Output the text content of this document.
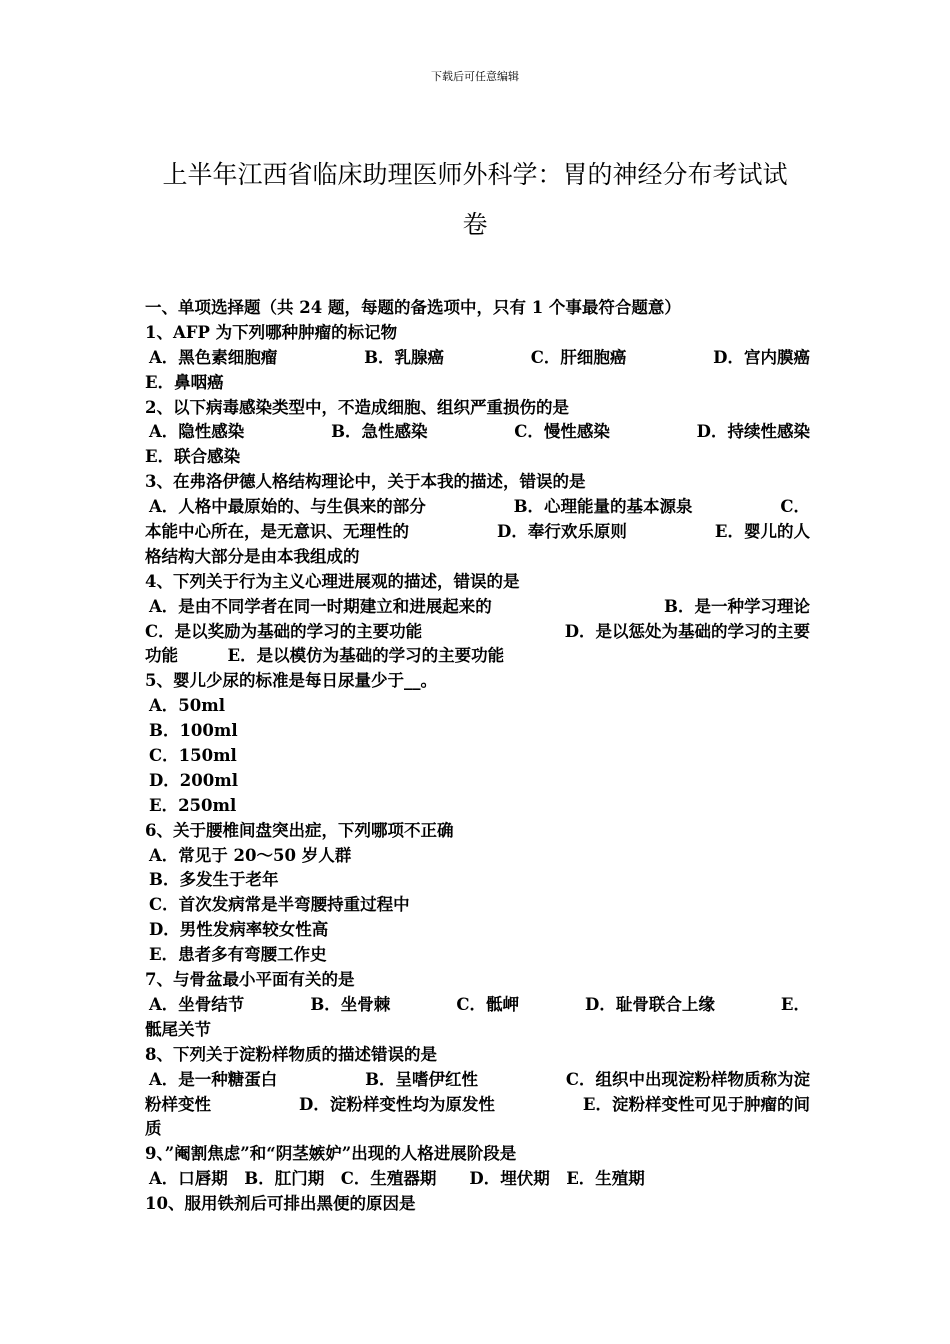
下载后可任意编辑
上半年江西省临床助理医师外科学：胃的神经分布考试试
卷
一、单项选择题（共 24 题，每题的备选项中，只有 1 个事最符合题意）
1、AFP 为下列哪种肿瘤的标记物
A．黑色素细胞瘤	B．乳腺癌	C．肝细胞癌	D．宫内膜癌
E．鼻咽癌
2、以下病毒感染类型中，不造成细胞、组织严重损伤的是
A．隐性感染	B．急性感染	C．慢性感染	D．持续性感染
E．联合感染
3、在弗洛伊德人格结构理论中，关于本我的描述，错误的是
A．人格中最原始的、与生俱来的部分	B．心理能量的基本源泉	C．
本能中心所在，是无意识、无理性的	D．奉行欢乐原则	E．婴儿的人
格结构大部分是由本我组成的
4、下列关于行为主义心理进展观的描述，错误的是
A．是由不同学者在同一时期建立和进展起来的	B．是一种学习理论
C．是以奖励为基础的学习的主要功能	D．是以惩处为基础的学习的主要
功能　　　E．是以模仿为基础的学习的主要功能
5、婴儿少尿的标准是每日尿量少于__。
A．50ml
B．100ml
C．150ml
D．200ml
E．250ml
6、关于腰椎间盘突出症，下列哪项不正确
A．常见于 20～50 岁人群
B．多发生于老年
C．首次发病常是半弯腰持重过程中
D．男性发病率较女性高
E．患者多有弯腰工作史
7、与骨盆最小平面有关的是
A．坐骨结节	B．坐骨棘	C．骶岬	D．耻骨联合上缘	E．
骶尾关节
8、下列关于淀粉样物质的描述错误的是
A．是一种糖蛋白	B．呈嗜伊红性	C．组织中出现淀粉样物质称为淀
粉样变性	D．淀粉样变性均为原发性	E．淀粉样变性可见于肿瘤的间
质
9、”阉割焦虑”和“阴茎嫉妒”出现的人格进展阶段是
A．口唇期　B．肛门期　C．生殖器期　　D．埋伏期　E．生殖期
10、服用铁剂后可排出黑便的原因是
